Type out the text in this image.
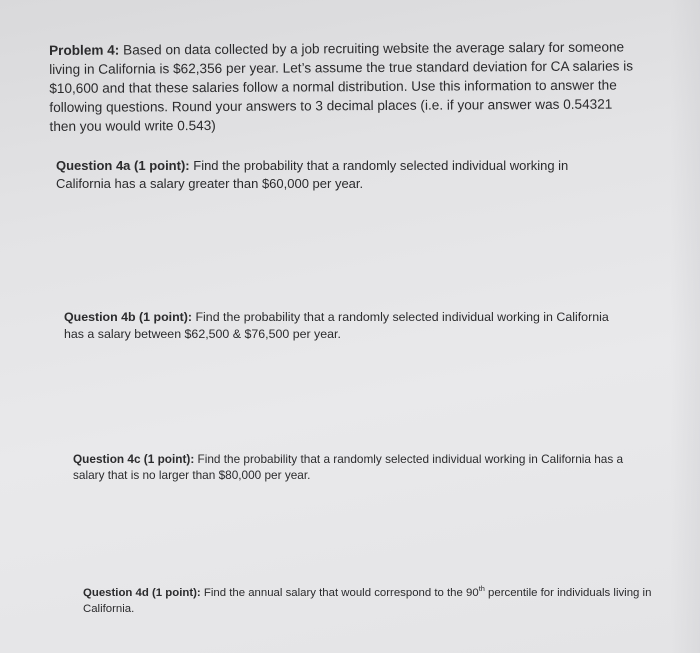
Problem 4: Based on data collected by a job recruiting website the average salary for someone living in California is $62,356 per year. Let’s assume the true standard deviation for CA salaries is $10,600 and that these salaries follow a normal distribution. Use this information to answer the following questions. Round your answers to 3 decimal places (i.e. if your answer was 0.54321 then you would write 0.543)

Question 4a (1 point): Find the probability that a randomly selected individual working in California has a salary greater than $60,000 per year.

Question 4b (1 point): Find the probability that a randomly selected individual working in California has a salary between $62,500 & $76,500 per year.

Question 4c (1 point): Find the probability that a randomly selected individual working in California has a salary that is no larger than $80,000 per year.

Question 4d (1 point): Find the annual salary that would correspond to the 90th percentile for individuals living in California.
